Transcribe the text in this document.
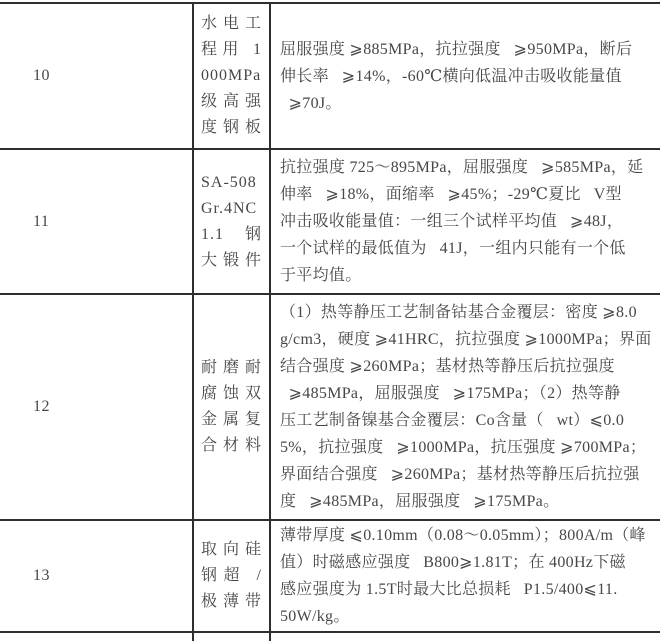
10
水电工
程用 1
000MPa
级高强
度钢板
屈服强度 ⩾885MPa，抗拉强度   ⩾950MPa，断后
伸长率   ⩾14%，-60℃横向低温冲击吸收能量值
⩾70J。
11
SA-508
Gr.4NC
1.1 钢
大锻件
抗拉强度 725～895MPa，屈服强度   ⩾585MPa，延
伸率   ⩾18%，面缩率   ⩾45%；-29℃夏比   V型
冲击吸收能量值：一组三个试样平均值   ⩾48J，
一个试样的最低值为   41J，一组内只能有一个低
于平均值。
12
耐磨耐
腐蚀双
金属复
合材料
（1）热等静压工艺制备钴基合金覆层：密度 ⩾8.0
g/cm3，硬度 ⩾41HRC，抗拉强度 ⩾1000MPa；界面
结合强度 ⩾260MPa；基材热等静压后抗拉强度
⩾485MPa，屈服强度   ⩾175MPa；（2）热等静
压工艺制备镍基合金覆层：Co含量（   wt）⩽0.0
5%，抗拉强度   ⩾1000MPa，抗压强度 ⩾700MPa；
界面结合强度   ⩾260MPa；基材热等静压后抗拉强
度   ⩾485MPa，屈服强度   ⩾175MPa。
13
取向硅
钢超 /
极薄带
薄带厚度 ⩽0.10mm（0.08～0.05mm）；800A/m（峰
值）时磁感应强度   B800⩾1.81T；在 400Hz下磁
感应强度为 1.5T时最大比总损耗   P1.5/400⩽11.
50W/kg。
